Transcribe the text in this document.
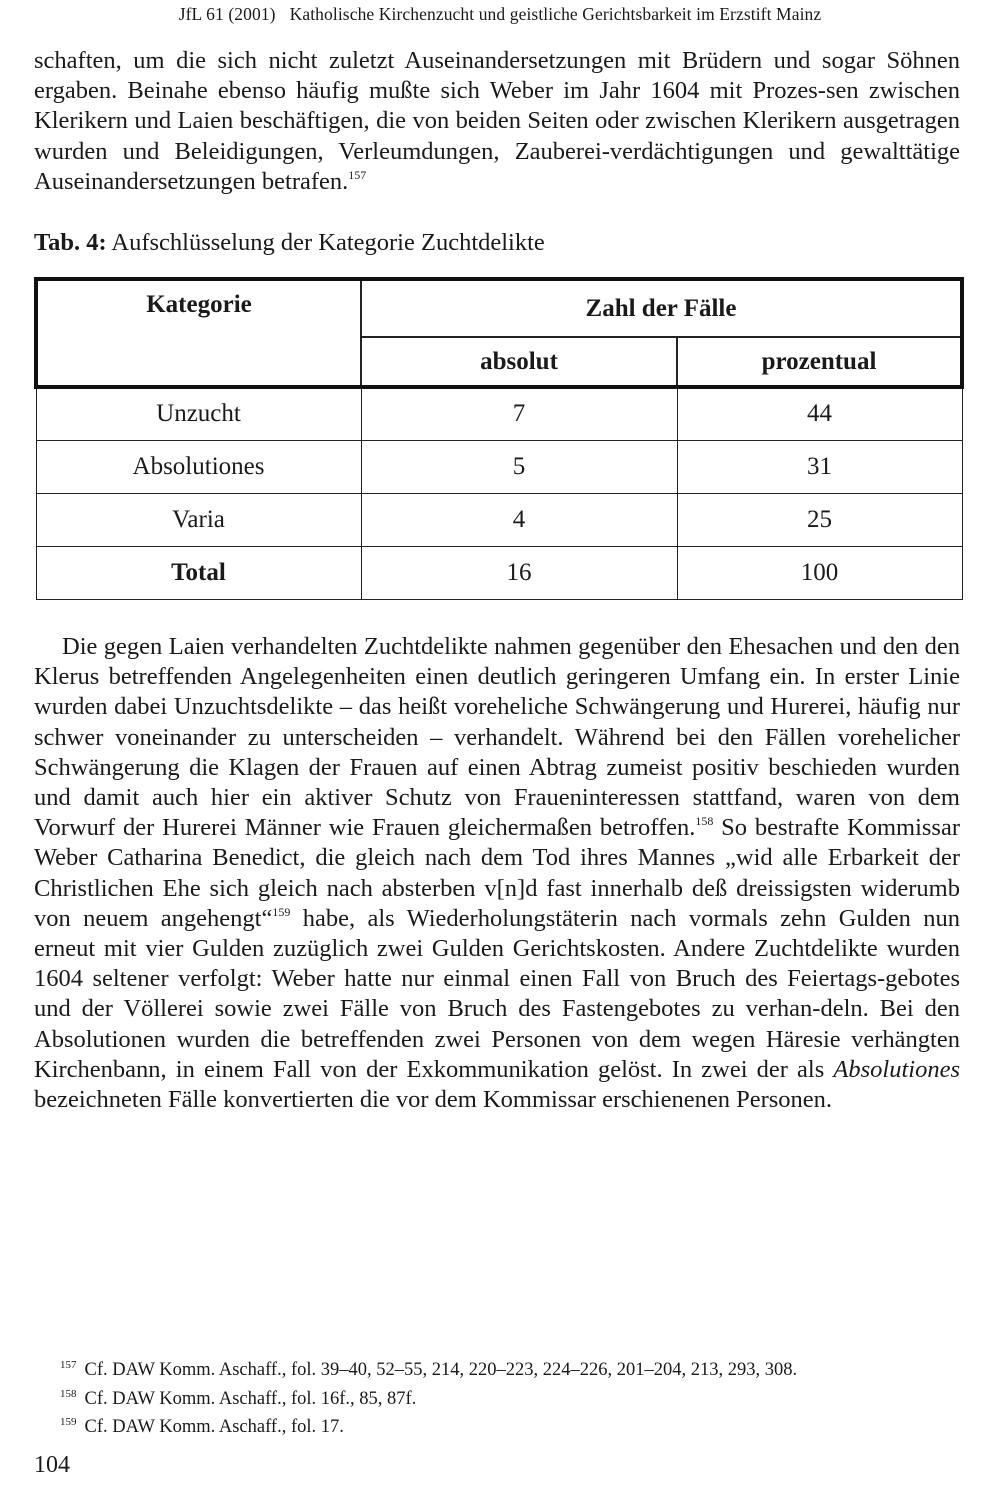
JfL 61 (2001) Katholische Kirchenzucht und geistliche Gerichtsbarkeit im Erzstift Mainz

schaften, um die sich nicht zuletzt Auseinandersetzungen mit Brüdern und sogar Söhnen ergaben. Beinahe ebenso häufig mußte sich Weber im Jahr 1604 mit Prozes-sen zwischen Klerikern und Laien beschäftigen, die von beiden Seiten oder zwischen Klerikern ausgetragen wurden und Beleidigungen, Verleumdungen, Zauberei-verdächtigungen und gewalttätige Auseinandersetzungen betrafen.$^{157}$

Tab. 4: Aufschlüsselung der Kategorie Zuchtdelikte
Kategorie	Zahl der Fälle	
	absolut	prozentual
Unzucht	7	44
Absolutiones	5	31
Varia	4	25
Total	16	100

Die gegen Laien verhandelten Zuchtdelikte nahmen gegenüber den Ehesachen und den den Klerus betreffenden Angelegenheiten einen deutlich geringeren Umfang ein. In erster Linie wurden dabei Unzuchtsdelikte – das heißt voreheliche Schwängerung und Hurerei, häufig nur schwer voneinander zu unterscheiden – verhandelt. Während bei den Fällen vorehelicher Schwängerung die Klagen der Frauen auf einen Abtrag zumeist positiv beschieden wurden und damit auch hier ein aktiver Schutz von Fraueninteressen stattfand, waren von dem Vorwurf der Hurerei Männer wie Frauen gleichermaßen betroffen.$^{158}$ So bestrafte Kommissar Weber Catharina Benedict, die gleich nach dem Tod ihres Mannes „wid alle Erbarkeit der Christlichen Ehe sich gleich nach absterben v[n]d fast innerhalb deß dreissigsten widerumb von neuem angehengt“$^{159}$ habe, als Wiederholungstäterin nach vormals zehn Gulden nun erneut mit vier Gulden zuzüglich zwei Gulden Gerichtskosten. Andere Zuchtdelikte wurden 1604 seltener verfolgt: Weber hatte nur einmal einen Fall von Bruch des Feiertags-gebotes und der Völlerei sowie zwei Fälle von Bruch des Fastengebotes zu verhan-deln. Bei den Absolutionen wurden die betreffenden zwei Personen von dem wegen Häresie verhängten Kirchenbann, in einem Fall von der Exkommunikation gelöst. In zwei der als Absolutiones bezeichneten Fälle konvertierten die vor dem Kommissar erschienenen Personen.

$^{157}$ Cf. DAW Komm. Aschaff., fol. 39–40, 52–55, 214, 220–223, 224–226, 201–204, 213, 293, 308.
$^{158}$ Cf. DAW Komm. Aschaff., fol. 16f., 85, 87f.
$^{159}$ Cf. DAW Komm. Aschaff., fol. 17.
104
